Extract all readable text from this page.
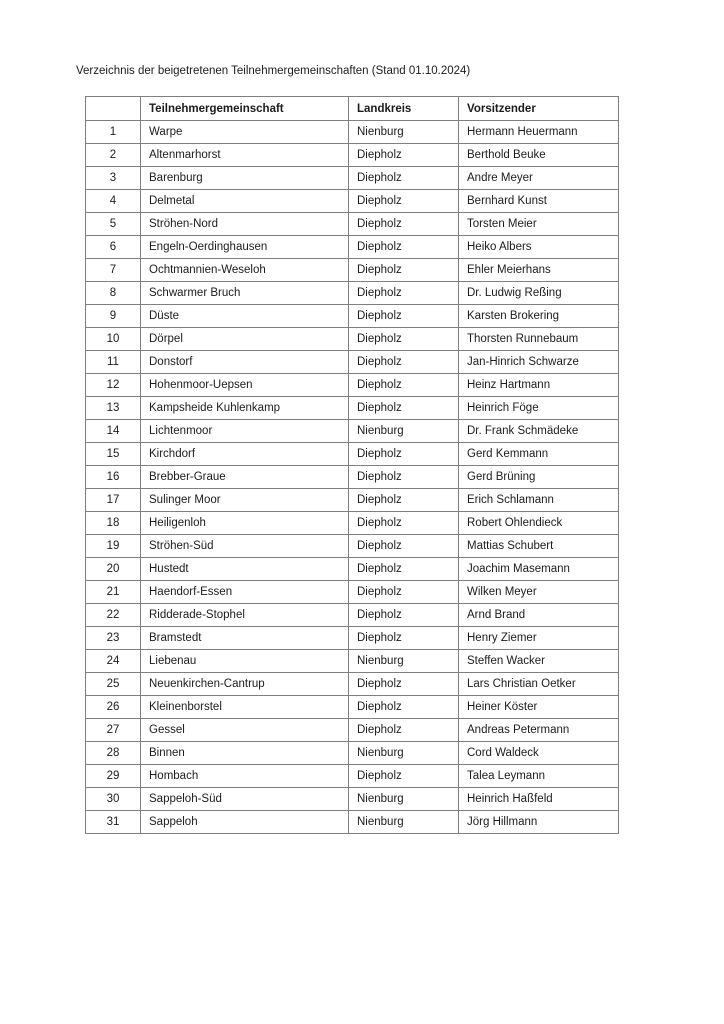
Verzeichnis der beigetretenen Teilnehmergemeinschaften (Stand 01.10.2024)
	Teilnehmergemeinschaft	Landkreis	Vorsitzender
1	Warpe	Nienburg	Hermann Heuermann
2	Altenmarhorst	Diepholz	Berthold Beuke
3	Barenburg	Diepholz	Andre Meyer
4	Delmetal	Diepholz	Bernhard Kunst
5	Ströhen-Nord	Diepholz	Torsten Meier
6	Engeln-Oerdinghausen	Diepholz	Heiko Albers
7	Ochtmannien-Weseloh	Diepholz	Ehler Meierhans
8	Schwarmer Bruch	Diepholz	Dr. Ludwig Reßing
9	Düste	Diepholz	Karsten Brokering
10	Dörpel	Diepholz	Thorsten Runnebaum
11	Donstorf	Diepholz	Jan-Hinrich Schwarze
12	Hohenmoor-Uepsen	Diepholz	Heinz Hartmann
13	Kampsheide Kuhlenkamp	Diepholz	Heinrich Föge
14	Lichtenmoor	Nienburg	Dr. Frank Schmädeke
15	Kirchdorf	Diepholz	Gerd Kemmann
16	Brebber-Graue	Diepholz	Gerd Brüning
17	Sulinger Moor	Diepholz	Erich Schlamann
18	Heiligenloh	Diepholz	Robert Ohlendieck
19	Ströhen-Süd	Diepholz	Mattias Schubert
20	Hustedt	Diepholz	Joachim Masemann
21	Haendorf-Essen	Diepholz	Wilken Meyer
22	Ridderade-Stophel	Diepholz	Arnd Brand
23	Bramstedt	Diepholz	Henry Ziemer
24	Liebenau	Nienburg	Steffen Wacker
25	Neuenkirchen-Cantrup	Diepholz	Lars Christian Oetker
26	Kleinenborstel	Diepholz	Heiner Köster
27	Gessel	Diepholz	Andreas Petermann
28	Binnen	Nienburg	Cord Waldeck
29	Hombach	Diepholz	Talea Leymann
30	Sappeloh-Süd	Nienburg	Heinrich Haßfeld
31	Sappeloh	Nienburg	Jörg Hillmann
